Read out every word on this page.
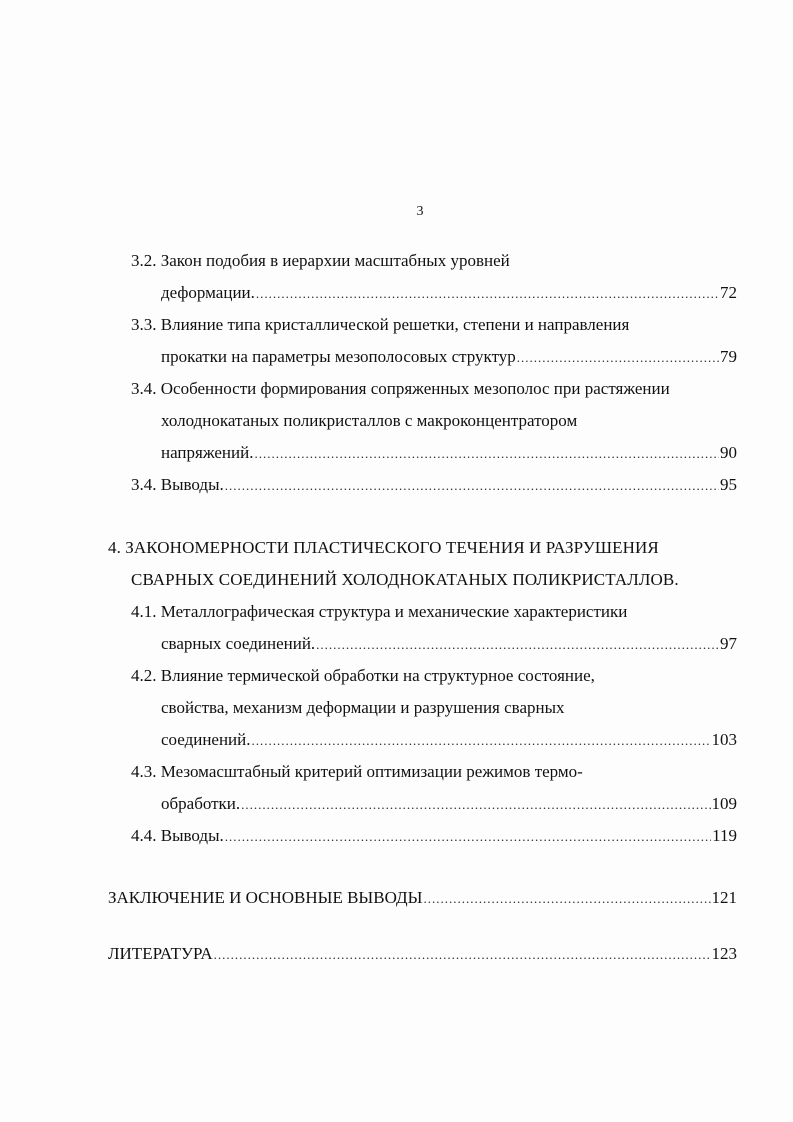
3
3.2. Закон подобия в иерархии масштабных уровней
деформации. .....	72
3.3. Влияние типа кристаллической решетки, степени и направления
прокатки на параметры мезополосовых структур .....	79
3.4. Особенности формирования сопряженных мезополос при растяжении
холоднокатаных поликристаллов с макроконцентратором
напряжений. .....	90
3.4. Выводы. .....	95
4. ЗАКОНОМЕРНОСТИ ПЛАСТИЧЕСКОГО ТЕЧЕНИЯ И РАЗРУШЕНИЯ
СВАРНЫХ СОЕДИНЕНИЙ ХОЛОДНОКАТАНЫХ ПОЛИКРИСТАЛЛОВ.
4.1. Металлографическая структура и механические характеристики
сварных соединений. .....	97
4.2. Влияние термической обработки на структурное состояние,
свойства, механизм деформации и разрушения сварных
соединений. .....	103
4.3. Мезомасштабный критерий оптимизации режимов термо-
обработки. .....	109
4.4. Выводы. .....	119
ЗАКЛЮЧЕНИЕ И ОСНОВНЫЕ ВЫВОДЫ .....	121
ЛИТЕРАТУРА .....	123
